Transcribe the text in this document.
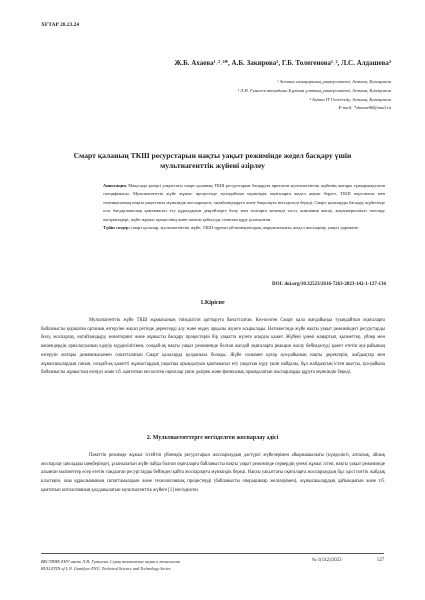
ХҒТАР 28.23.24
Ж.Б. Ахаева¹˒²˒³*, А.Б. Закирова², Г.Б. Толегенова¹˒², Л.С. Алдашева³
¹ Астана халықаралық университеті, Астана, Қазақстан
² Л.Н. Гумилев атындағы Еуразия ұлттық университеті, Астана, Қазақстан
³ Astana IT University, Астана, Қазақстан
E-mail: *zhanar88@mail.ru
Смарт қаланың ТКШ ресурстарын нақты уақыт режимінде жедел басқару үшін мультиагенттік жүйені әзірлеу
Аннотация. Мақалада қазіргі уақыттағы смарт қаланың ТКШ ресурстарын басқаруға арналған мультиагенттік жүйенің жоғары тұжырымдалған спецификасы. Мультиагенттік жүйе жұмыс процесінде туындайтын мүмкіндік оқиғаларға жедел жауап беруге, ТКШ персоналы мен техникасының нақты уақыттағы мүмкіндік жоспарлауға, оңтайландыруға және бақылауға негізделеді береді. Смарт қалаларды басқару жүйесінде осы бағдарламалық қамтамасыз ету құралдарын деңгейлерге бөлу мен топтарға кешенді тәсіл, компания жасау, жауапкершілікті тапсыру алгоритмдері, жүйе жұмыс процесінің және шешім қабылдау сеансын құру ұсынылған.
Түйін сөздер: смарт қалалар, мультиагенттік жүйе, ТКШ тұрғын үй-коммуналдық шаруашылығы, жедел жоспарлау, уақыт дәрежеле.
DOI: doi.org/10.32523/2616-7263-2023-142-1-127-136
1.Кіріспе
Мультиагенттік жүйе ТКШ жұмысының тиімділігін арттыруға бағытталған. Кез-келген Смарт қала жағдайында туындайтын оқиғаларға байланысты қоршаған ортаның өзгеруіне жауап ретінде деректерді алу және өңдеу арқылы жүзеге асырылады. Нәтижесінде жүйе нақты уақыт режиміндегі ресурстарды бөлу, жоспарлау, оңтайландыру, мониторинг және жұмысты басқару процестерін бір уақытта жүзеге асыруы қажет. Жүйені үнемі жаңартып, қызметтер, үйлер мен кешендердің орналасуының едәуір күрделілігімен, сондай-ақ нақты уақыт режиминде болған жағдай оқиғаларға реакция жасау бейімделуді қажет ететін ауа-райының өзгеруін жоғары динамикасымен сипатталатын Смарт қалаларда қолданыла болады. Жүйе сонымен қатар ауа-райының нақты деректерін, жабдықтар мен жұмысшылардың санын, сондай-ақ қажетті жұмыстардың уақытша орындалуын қамтамасыз ету уақытын күру үшін найдалы, бұл жабдықтың істен шығуы, ауа-райына байланысты жұмыстың өзгеруі және т.б. қамтитын кез келген оқиғалар үшін дәлірек және физикалық орындалатын жоспарларды құруға мүмкіндік береді.
2. Мультиагенттерге негізделген жоспарлау әдісі
Пәкеттік режимде жұмыс істейтін үйлемдік ресурстарын жоспарлаудың дәстүрлі жүйелерімен айырмашылығы (күнделікті, апталық, айлық жоспарлау циклдары шеңберінде), ұсынылатын жүйе пайда болған оқиғаларға байланысты нақты уақыт режимінде сервердің үнемі жұмыс істеп, нақты уақыт режиминде алынған мәліметтер есер ететін тандалған ресурстарды бейімдеп қайта жоспарлауға мүмкіндік береді. Нақты уақыттағы оқиғаларға жоспарлаудың бұл әдісі пәттік жабдық кластерін, оны құрылымының сипаттамаларын және технологиялық процестерді (байланысты операциялар желілерімен), жұмысшылардың дайындығын және т.б. қамтитын онтологияның қолданылатын мультиагенттік жүйеге [1] негізделген.
ВЕСТНИК ЕНУ имени Л.Н. Гумилева. Серия технические науки и технологии
BULLETIN of L.N. Gumilyov ENU. Technical Science and Technology Series
№ 1(142)/2023	127
